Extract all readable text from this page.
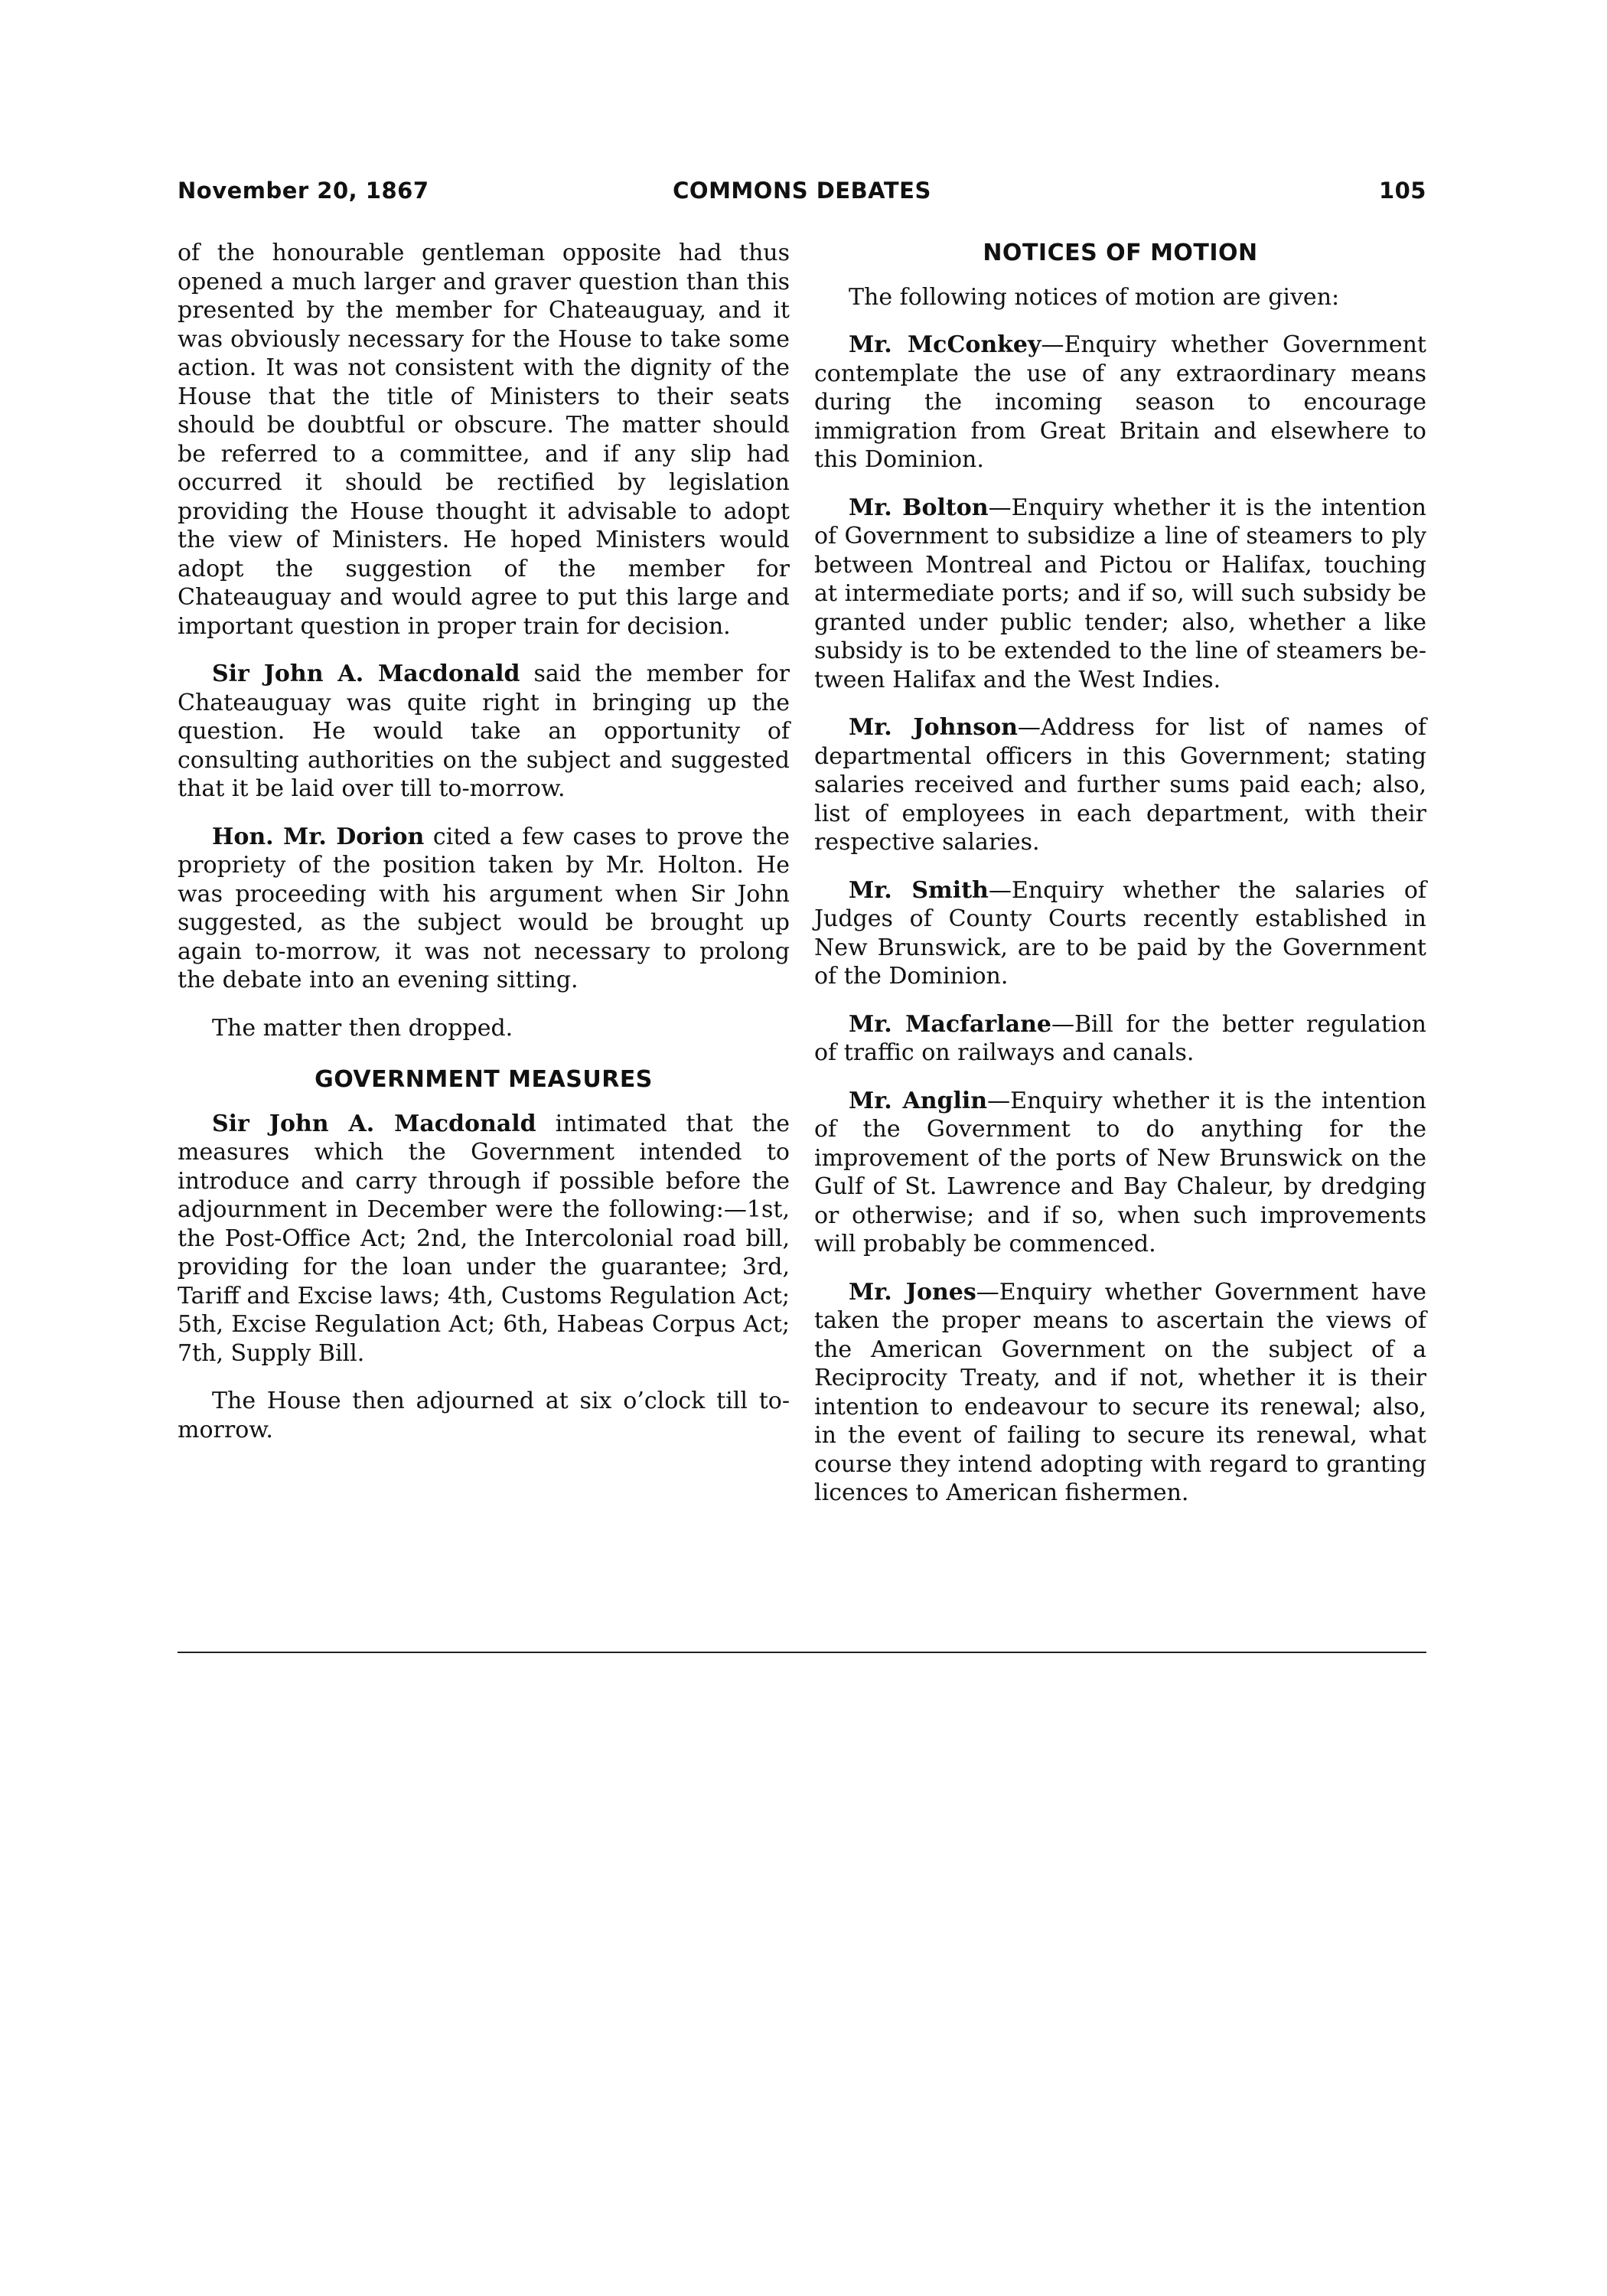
November 20, 1867	COMMONS DEBATES	105

of the honourable gentleman opposite had thus opened a much larger and graver question than this presented by the member for Chateauguay, and it was obviously necessary for the House to take some action. It was not consistent with the dignity of the House that the title of Ministers to their seats should be doubtful or obscure. The matter should be referred to a committee, and if any slip had occurred it should be rectified by legislation providing the House thought it advisable to adopt the view of Ministers. He hoped Ministers would adopt the suggestion of the member for Chateauguay and would agree to put this large and important question in proper train for decision.

Sir John A. Macdonald said the member for Chateauguay was quite right in bringing up the question. He would take an opportunity of consulting authorities on the subject and suggested that it be laid over till to-morrow.

Hon. Mr. Dorion cited a few cases to prove the propriety of the position taken by Mr. Holton. He was proceeding with his argument when Sir John suggested, as the subject would be brought up again to-morrow, it was not necessary to prolong the debate into an evening sitting.

The matter then dropped.

GOVERNMENT MEASURES

Sir John A. Macdonald intimated that the measures which the Government intended to introduce and carry through if possible before the adjournment in December were the following:—1st, the Post-Office Act; 2nd, the Intercolonial road bill, providing for the loan under the guarantee; 3rd, Tariff and Excise laws; 4th, Customs Regulation Act; 5th, Excise Regulation Act; 6th, Habeas Corpus Act; 7th, Supply Bill.

The House then adjourned at six o’clock till to-morrow.

NOTICES OF MOTION

The following notices of motion are given:

Mr. McConkey—Enquiry whether Government contemplate the use of any extraordinary means during the incoming season to encourage immigration from Great Britain and elsewhere to this Dominion.

Mr. Bolton—Enquiry whether it is the intention of Government to subsidize a line of steamers to ply between Montreal and Pictou or Halifax, touching at intermediate ports; and if so, will such subsidy be granted under public tender; also, whether a like subsidy is to be extended to the line of steamers between Halifax and the West Indies.

Mr. Johnson—Address for list of names of departmental officers in this Government; stating salaries received and further sums paid each; also, list of employees in each department, with their respective salaries.

Mr. Smith—Enquiry whether the salaries of Judges of County Courts recently established in New Brunswick, are to be paid by the Government of the Dominion.

Mr. Macfarlane—Bill for the better regulation of traffic on railways and canals.

Mr. Anglin—Enquiry whether it is the intention of the Government to do anything for the improvement of the ports of New Brunswick on the Gulf of St. Lawrence and Bay Chaleur, by dredging or otherwise; and if so, when such improvements will probably be commenced.

Mr. Jones—Enquiry whether Government have taken the proper means to ascertain the views of the American Government on the subject of a Reciprocity Treaty, and if not, whether it is their intention to endeavour to secure its renewal; also, in the event of failing to secure its renewal, what course they intend adopting with regard to granting licences to American fishermen.
